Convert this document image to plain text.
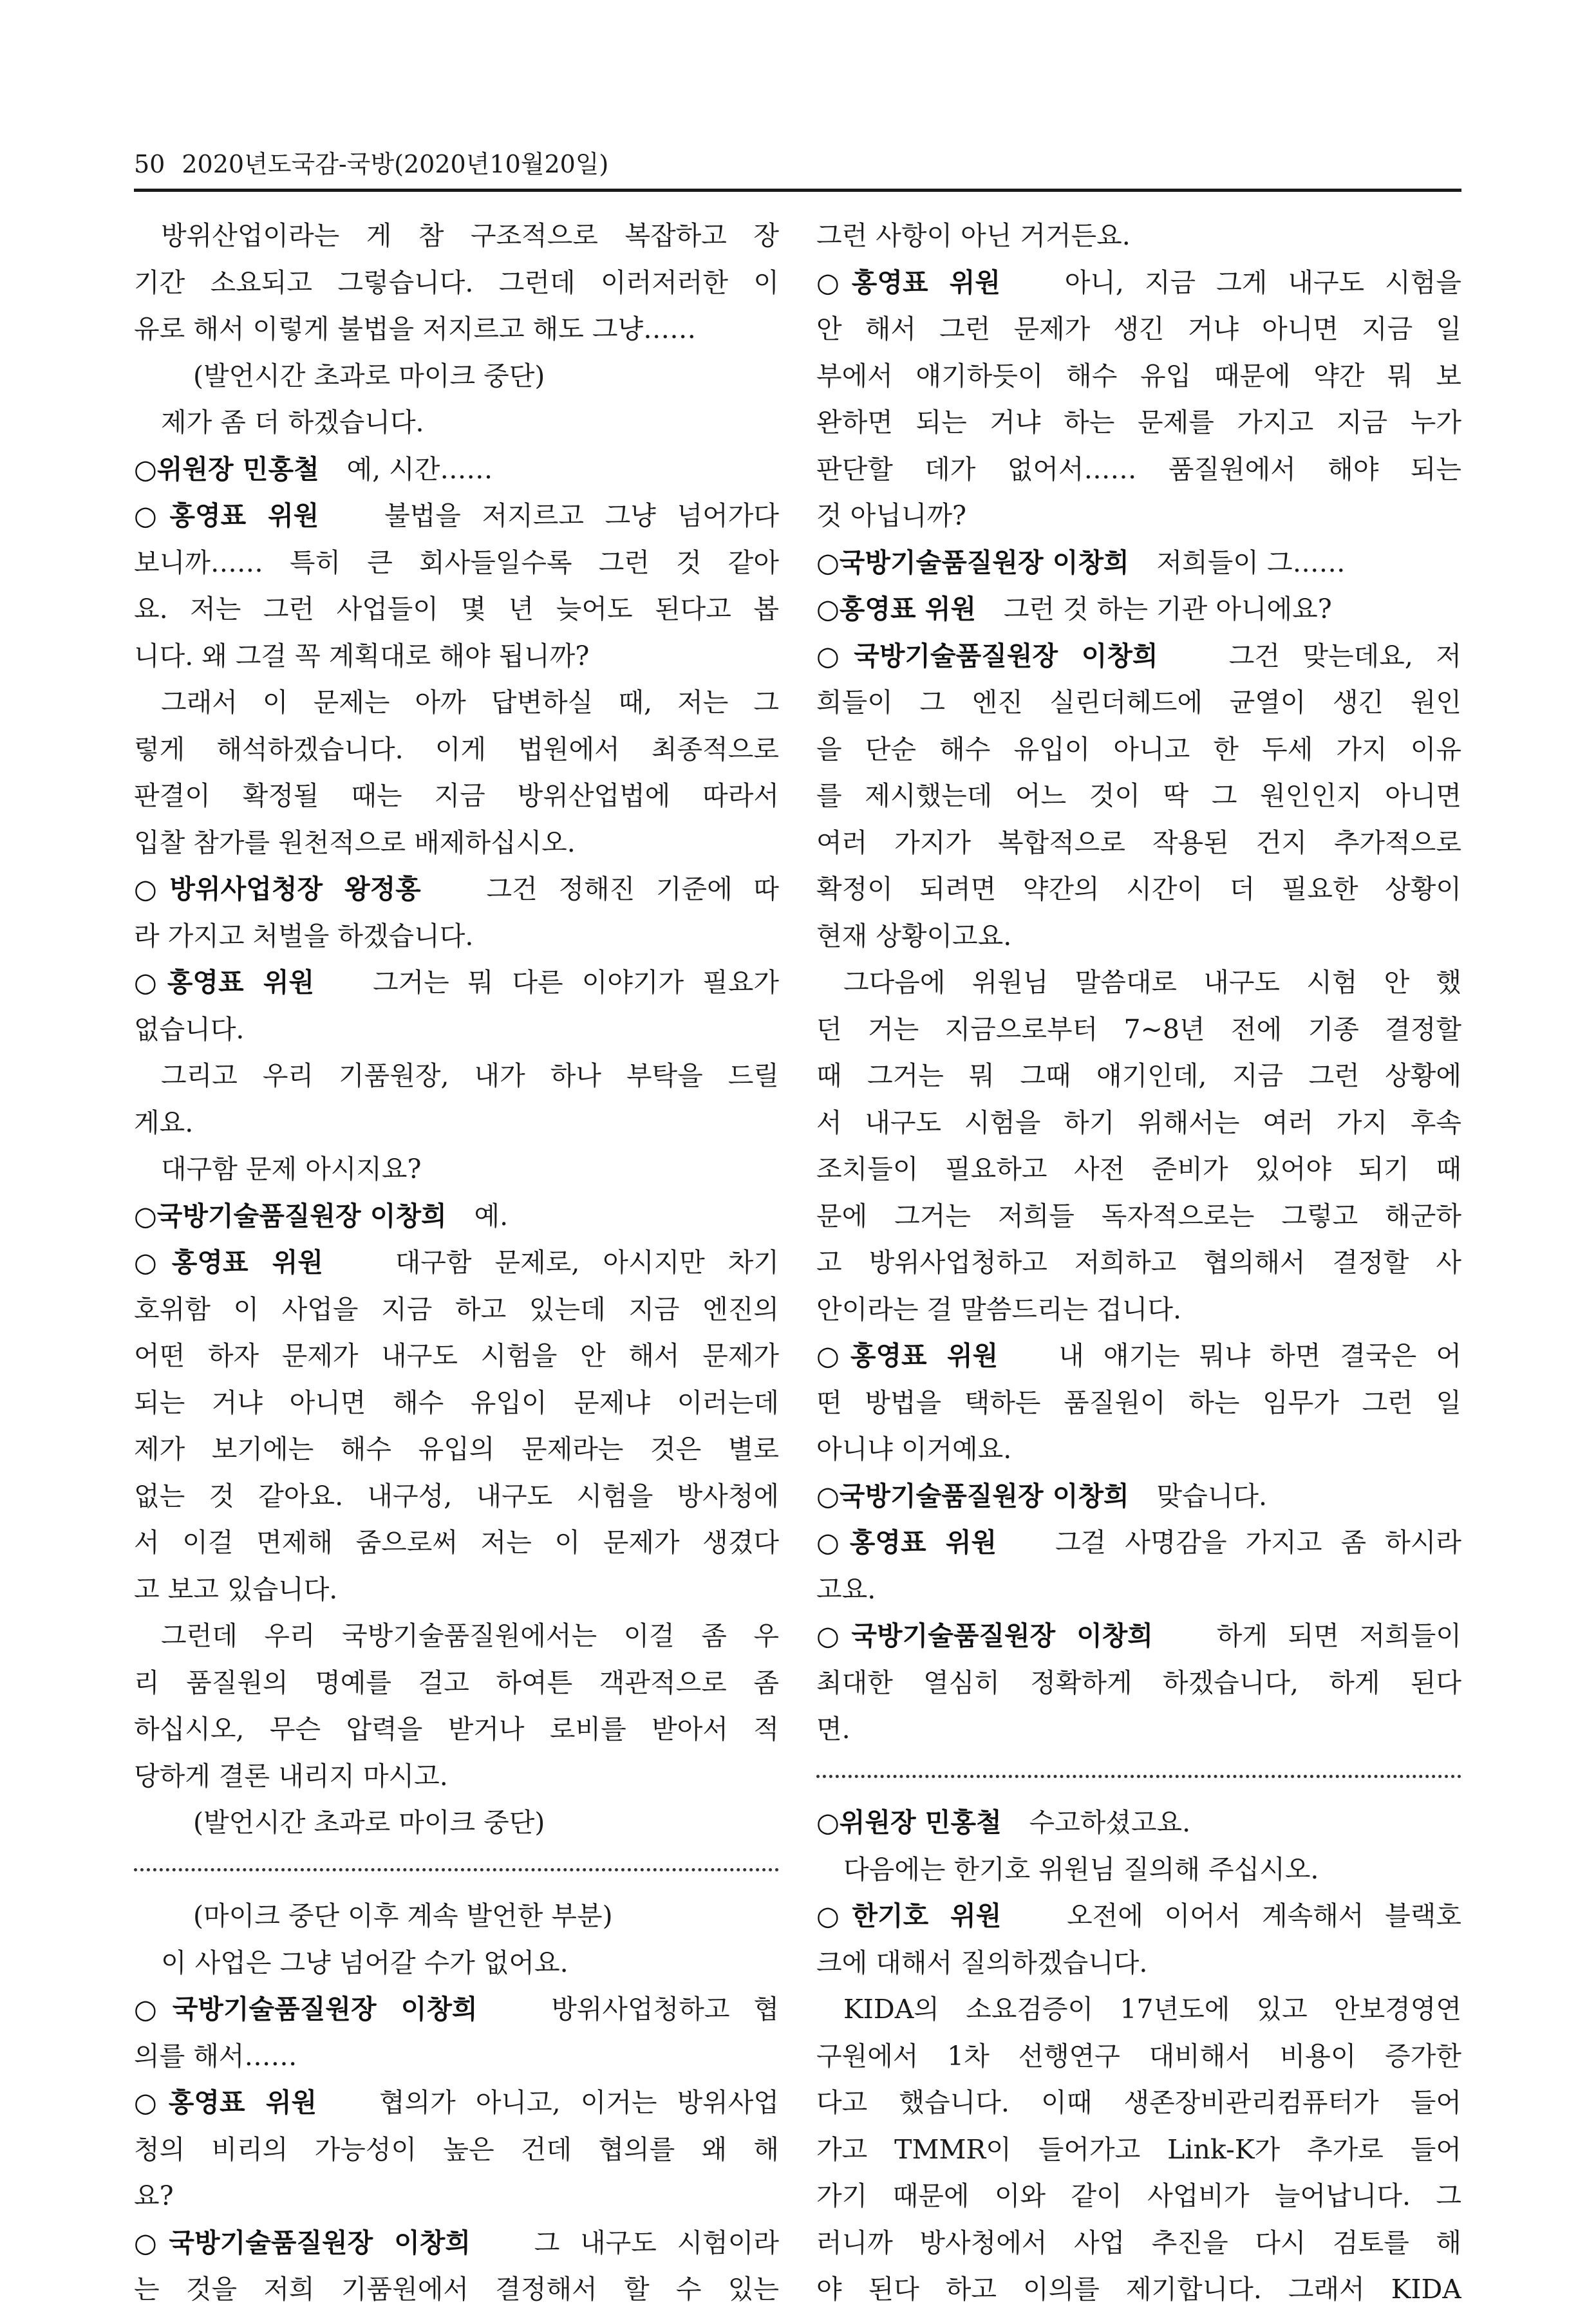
50 2020년도국감-국방(2020년10월20일)
방위산업이라는 게 참 구조적으로 복잡하고 장
기간 소요되고 그렇습니다. 그런데 이러저러한 이
유로 해서 이렇게 불법을 저지르고 해도 그냥……
(발언시간 초과로 마이크 중단)
제가 좀 더 하겠습니다.
○위원장 민홍철 예, 시간……
○홍영표 위원 불법을 저지르고 그냥 넘어가다
보니까…… 특히 큰 회사들일수록 그런 것 같아
요. 저는 그런 사업들이 몇 년 늦어도 된다고 봅
니다. 왜 그걸 꼭 계획대로 해야 됩니까?
그래서 이 문제는 아까 답변하실 때, 저는 그
렇게 해석하겠습니다. 이게 법원에서 최종적으로
판결이 확정될 때는 지금 방위산업법에 따라서
입찰 참가를 원천적으로 배제하십시오.
○방위사업청장 왕정홍 그건 정해진 기준에 따
라 가지고 처벌을 하겠습니다.
○홍영표 위원 그거는 뭐 다른 이야기가 필요가
없습니다.
그리고 우리 기품원장, 내가 하나 부탁을 드릴
게요.
대구함 문제 아시지요?
○국방기술품질원장 이창희 예.
○홍영표 위원	대구함 문제로, 아시지만 차기
호위함 이 사업을 지금 하고 있는데 지금 엔진의
어떤 하자 문제가 내구도 시험을 안 해서 문제가
되는 거냐 아니면 해수 유입이 문제냐 이러는데
제가 보기에는 해수 유입의 문제라는 것은 별로
없는 것 같아요. 내구성, 내구도 시험을 방사청에
서 이걸 면제해 줌으로써 저는 이 문제가 생겼다
고 보고 있습니다.
그런데 우리 국방기술품질원에서는 이걸 좀 우
리 품질원의 명예를 걸고 하여튼 객관적으로 좀
하십시오, 무슨 압력을 받거나 로비를 받아서 적
당하게 결론 내리지 마시고.
(발언시간 초과로 마이크 중단)
(마이크 중단 이후 계속 발언한 부분)
이 사업은 그냥 넘어갈 수가 없어요.
○국방기술품질원장 이창희	방위사업청하고 협
의를 해서……
○홍영표 위원 협의가 아니고, 이거는 방위사업
청의 비리의 가능성이 높은 건데 협의를 왜 해
요?
○국방기술품질원장 이창희 그 내구도 시험이라
는 것을 저희 기품원에서 결정해서 할 수 있는
그런 사항이 아닌 거거든요.
○홍영표 위원 아니, 지금 그게 내구도 시험을
안 해서 그런 문제가 생긴 거냐 아니면 지금 일
부에서 얘기하듯이 해수 유입 때문에 약간 뭐 보
완하면 되는 거냐 하는 문제를 가지고 지금 누가
판단할 데가 없어서…… 품질원에서 해야 되는
것 아닙니까?
○국방기술품질원장 이창희 저희들이 그……
○홍영표 위원 그런 것 하는 기관 아니에요?
○국방기술품질원장 이창희	그건 맞는데요, 저
희들이 그 엔진 실린더헤드에 균열이 생긴 원인
을 단순 해수 유입이 아니고 한 두세 가지 이유
를 제시했는데 어느 것이 딱 그 원인인지 아니면
여러 가지가 복합적으로 작용된 건지 추가적으로
확정이 되려면 약간의 시간이 더 필요한 상황이
현재 상황이고요.
그다음에 위원님 말씀대로 내구도 시험 안 했
던 거는 지금으로부터 7~8년 전에 기종 결정할
때 그거는 뭐 그때 얘기인데, 지금 그런 상황에
서 내구도 시험을 하기 위해서는 여러 가지 후속
조치들이 필요하고 사전 준비가 있어야 되기 때
문에 그거는 저희들 독자적으로는 그렇고 해군하
고 방위사업청하고 저희하고 협의해서 결정할 사
안이라는 걸 말씀드리는 겁니다.
○홍영표 위원 내 얘기는 뭐냐 하면 결국은 어
떤 방법을 택하든 품질원이 하는 임무가 그런 일
아니냐 이거예요.
○국방기술품질원장 이창희 맞습니다.
○홍영표 위원 그걸 사명감을 가지고 좀 하시라
고요.
○국방기술품질원장 이창희 하게 되면 저희들이
최대한 열심히 정확하게 하겠습니다, 하게 된다
면.
○위원장 민홍철 수고하셨고요.
다음에는 한기호 위원님 질의해 주십시오.
○한기호 위원 오전에 이어서 계속해서 블랙호
크에 대해서 질의하겠습니다.
KIDA의 소요검증이 17년도에 있고 안보경영연
구원에서 1차 선행연구 대비해서 비용이 증가한
다고 했습니다. 이때 생존장비관리컴퓨터가 들어
가고 TMMR이 들어가고 Link-K가 추가로 들어
가기 때문에 이와 같이 사업비가 늘어납니다. 그
러니까 방사청에서 사업 추진을 다시 검토를 해
야 된다 하고 이의를 제기합니다. 그래서 KIDA
